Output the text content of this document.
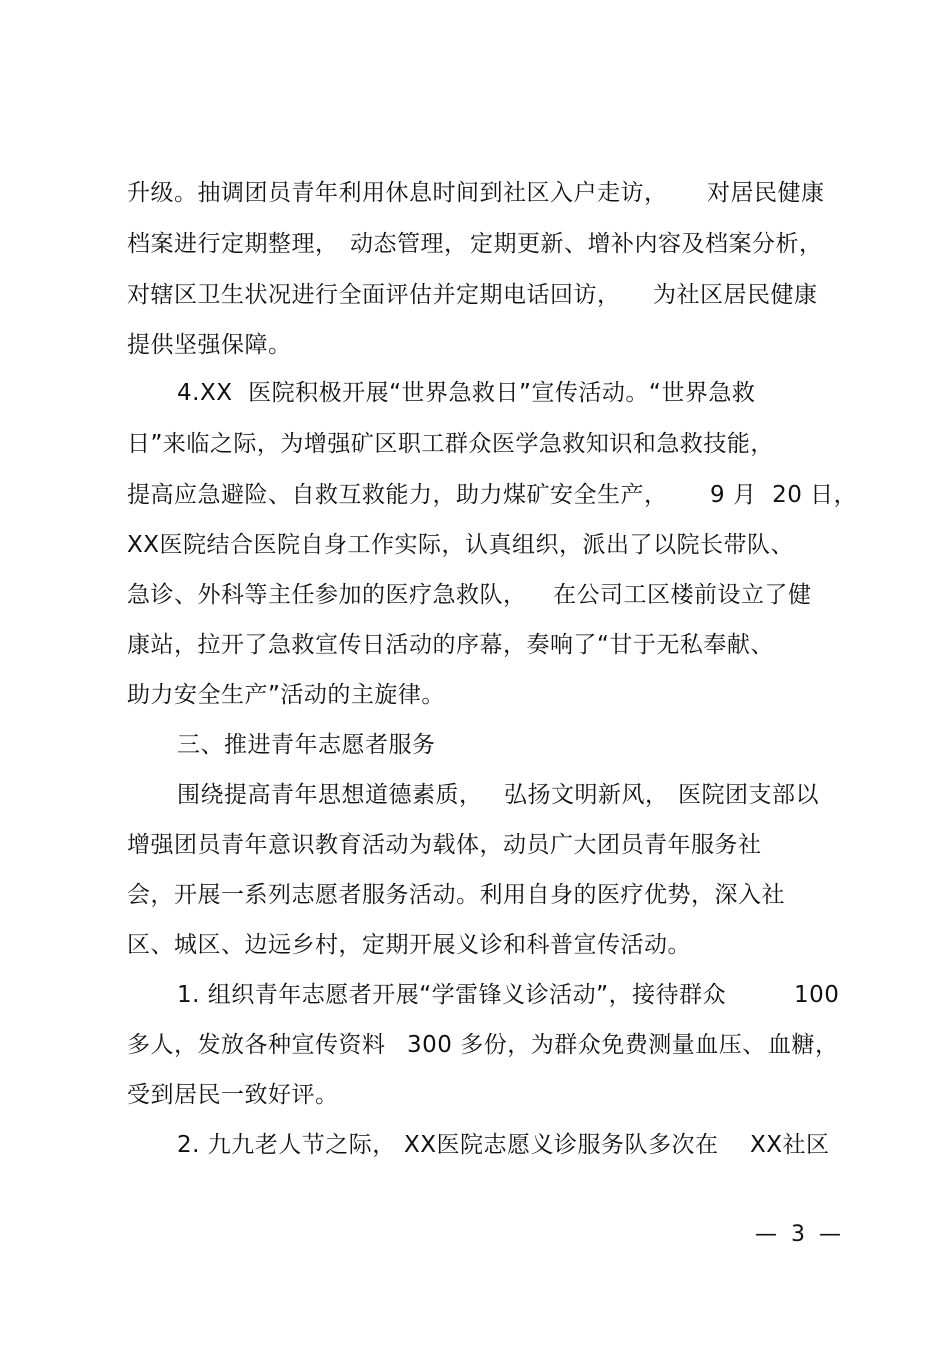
升级。抽调团员青年利用休息时间到社区入户走访， 对居民健康
档案进行定期整理， 动态管理， 定期更新、增补内容及档案分析，
对辖区卫生状况进行全面评估并定期电话回访， 为社区居民健康
提供坚强保障。
4.XX  医院积极开展“世界急救日”宣传活动。“世界急救
日”来临之际，为增强矿区职工群众医学急救知识和急救技能，
提高应急避险、自救互救能力，助力煤矿安全生产， 9 月  20 日，
XX医院结合医院自身工作实际，认真组织，派出了以院长带队、
急诊、外科等主任参加的医疗急救队， 在公司工区楼前设立了健
康站，拉开了急救宣传日活动的序幕，奏响了“甘于无私奉献、
助力安全生产”活动的主旋律。
三、推进青年志愿者服务
围绕提高青年思想道德素质， 弘扬文明新风， 医院团支部以
增强团员青年意识教育活动为载体，动员广大团员青年服务社
会，开展一系列志愿者服务活动。利用自身的医疗优势，深入社
区、城区、边远乡村，定期开展义诊和科普宣传活动。
1. 组织青年志愿者开展“学雷锋义诊活动”，接待群众	100
多人，发放各种宣传资料 300 多份，为群众免费测量血压、 血糖，
受到居民一致好评。
2. 九九老人节之际， XX医院志愿义诊服务队多次在 XX社区
—  3  —
